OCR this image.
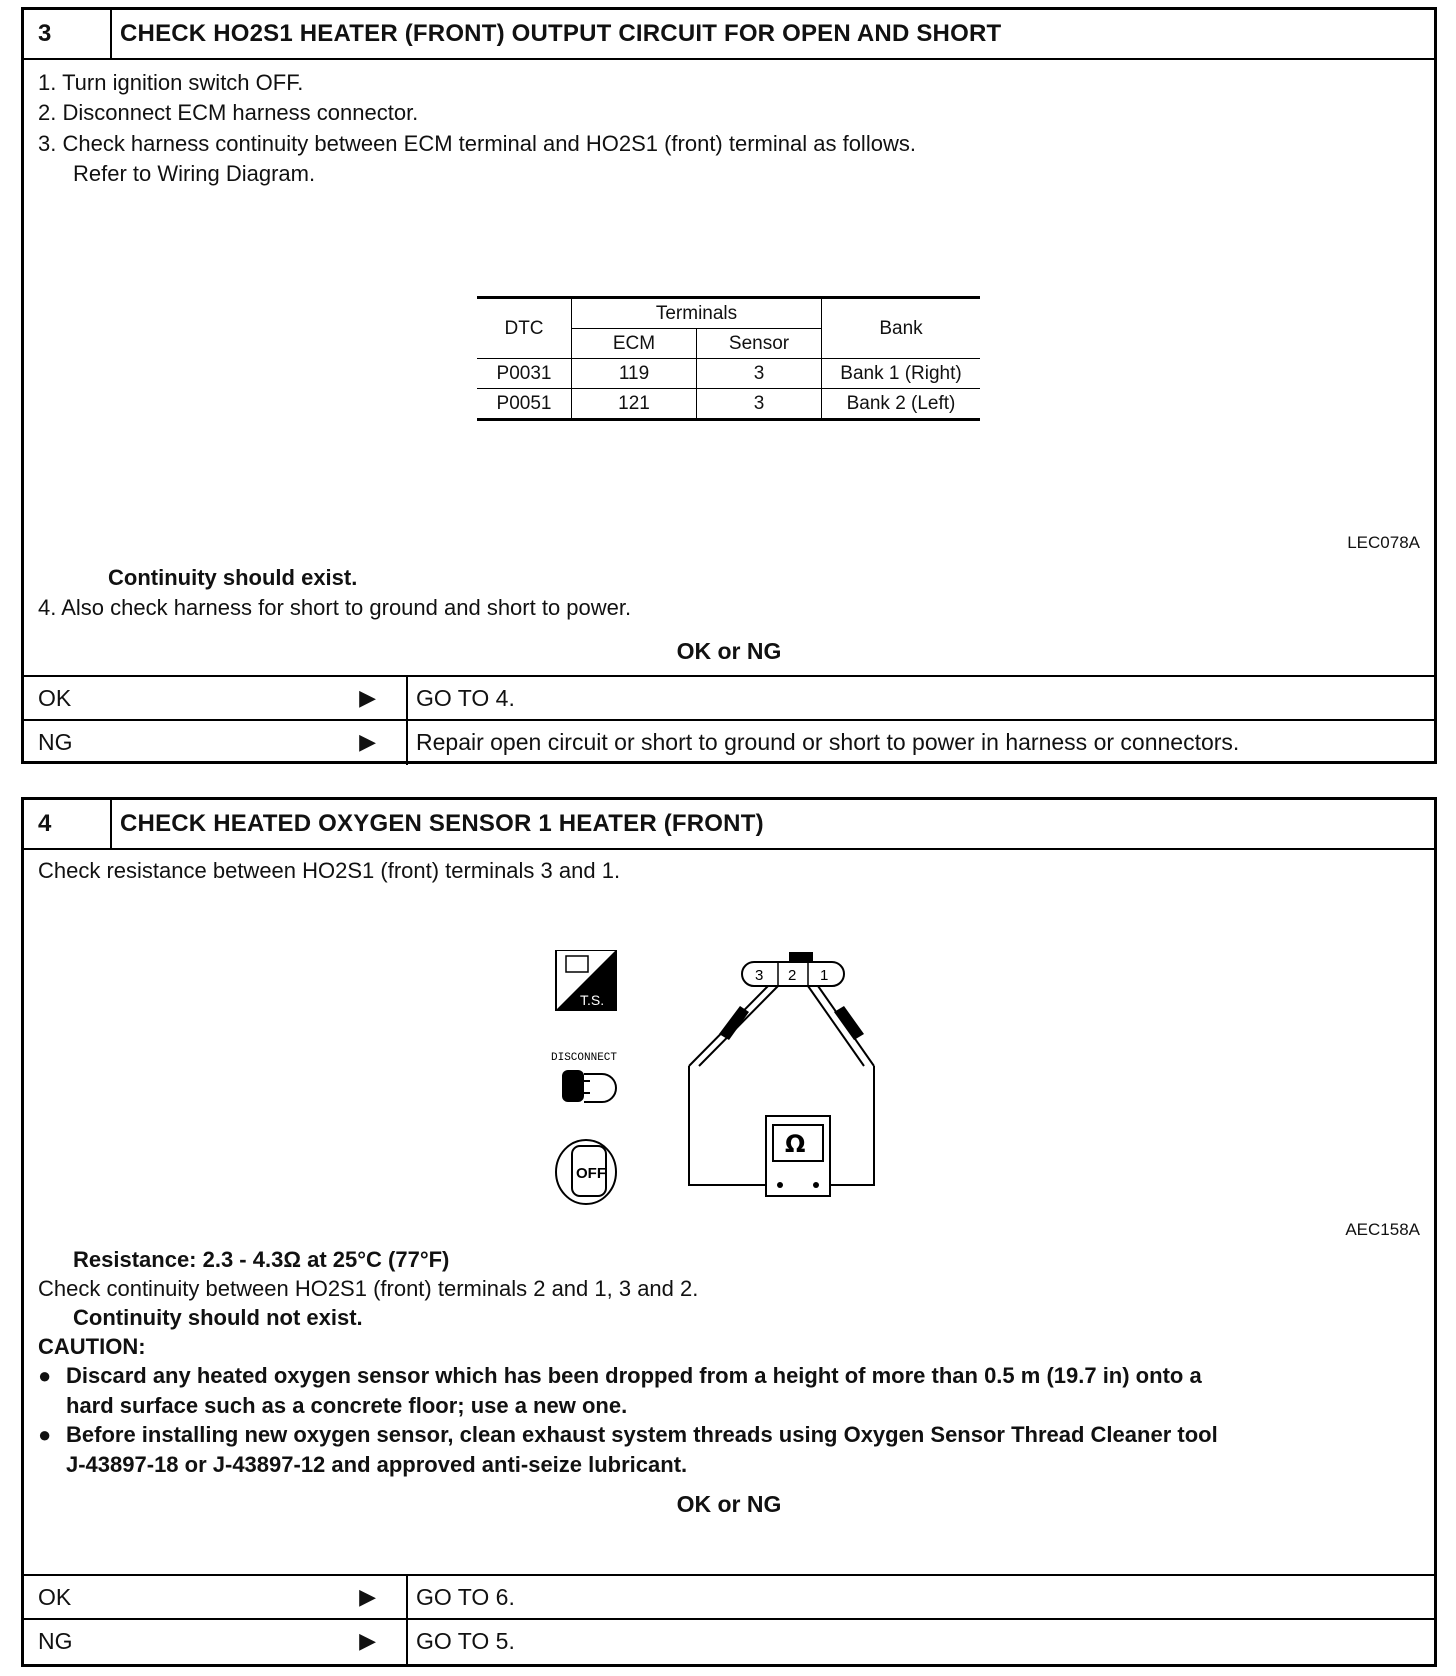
3	CHECK HO2S1 HEATER (FRONT) OUTPUT CIRCUIT FOR OPEN AND SHORT
1. Turn ignition switch OFF.
2. Disconnect ECM harness connector.
3. Check harness continuity between ECM terminal and HO2S1 (front) terminal as follows.
Refer to Wiring Diagram.
DTC	Terminals		Bank
	ECM	Sensor	
P0031	119	3	Bank 1 (Right)
P0051	121	3	Bank 2 (Left)
LEC078A
Continuity should exist.
4. Also check harness for short to ground and short to power.
OK or NG
OK	▶	GO TO 4.
NG	▶	Repair open circuit or short to ground or short to power in harness or connectors.
4	CHECK HEATED OXYGEN SENSOR 1 HEATER (FRONT)
Check resistance between HO2S1 (front) terminals 3 and 1.
T.S.
DISCONNECT
OFF
3 2 1
Ω
AEC158A
Resistance: 2.3 - 4.3Ω at 25°C (77°F)
Check continuity between HO2S1 (front) terminals 2 and 1, 3 and 2.
Continuity should not exist.
CAUTION:
● Discard any heated oxygen sensor which has been dropped from a height of more than 0.5 m (19.7 in) onto a
hard surface such as a concrete floor; use a new one.
● Before installing new oxygen sensor, clean exhaust system threads using Oxygen Sensor Thread Cleaner tool
J-43897-18 or J-43897-12 and approved anti-seize lubricant.
OK or NG
OK	▶	GO TO 6.
NG	▶	GO TO 5.
